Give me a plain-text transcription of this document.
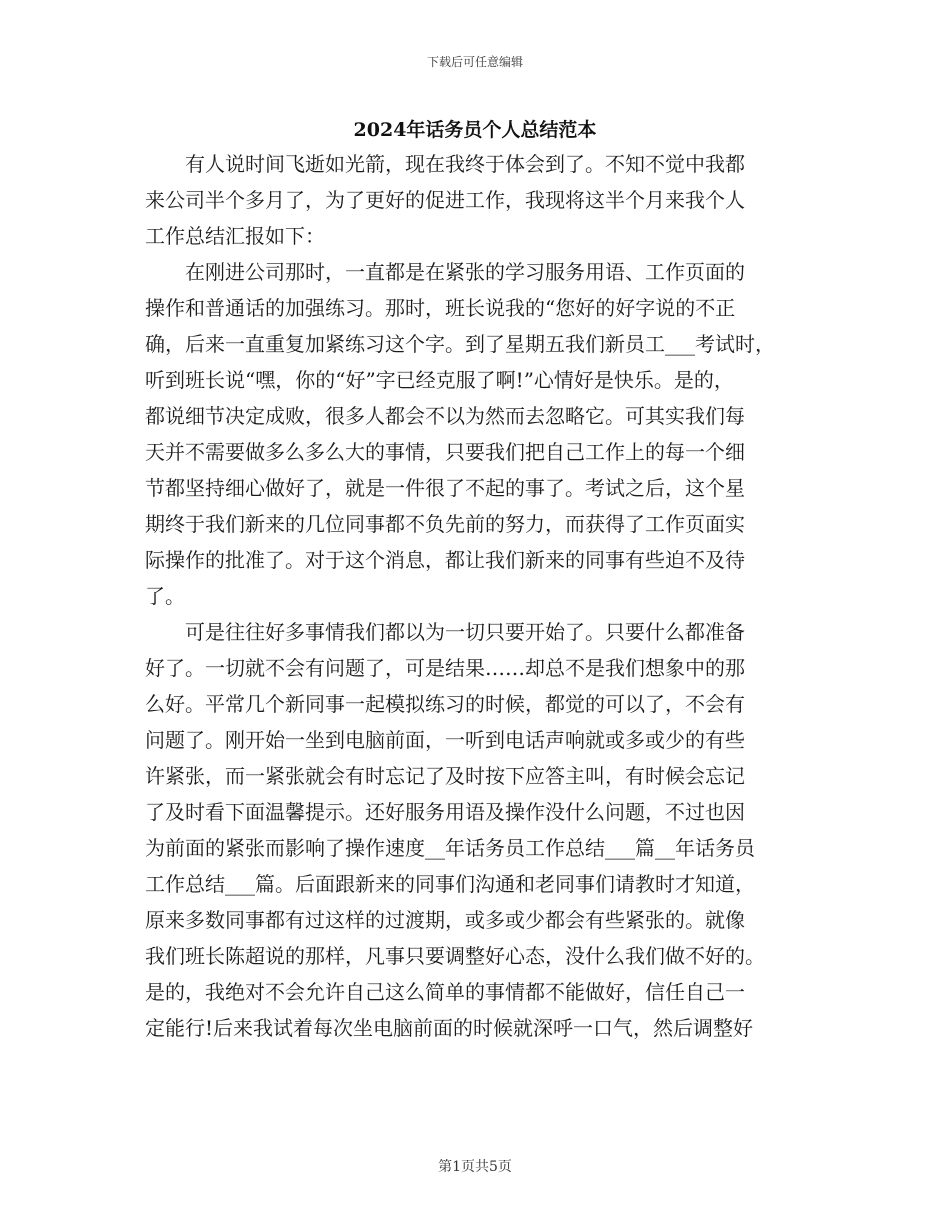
下载后可任意编辑
2024年话务员个人总结范本
有人说时间飞逝如光箭，现在我终于体会到了。不知不觉中我都
来公司半个多月了，为了更好的促进工作，我现将这半个月来我个人
工作总结汇报如下：
在刚进公司那时，一直都是在紧张的学习服务用语、工作页面的
操作和普通话的加强练习。那时，班长说我的“您好的好字说的不正
确，后来一直重复加紧练习这个字。到了星期五我们新员工___考试时，
听到班长说“嘿，你的“好”字已经克服了啊!”心情好是快乐。是的，
都说细节决定成败，很多人都会不以为然而去忽略它。可其实我们每
天并不需要做多么多么大的事情，只要我们把自己工作上的每一个细
节都坚持细心做好了，就是一件很了不起的事了。考试之后，这个星
期终于我们新来的几位同事都不负先前的努力，而获得了工作页面实
际操作的批准了。对于这个消息，都让我们新来的同事有些迫不及待
了。
可是往往好多事情我们都以为一切只要开始了。只要什么都准备
好了。一切就不会有问题了，可是结果……却总不是我们想象中的那
么好。平常几个新同事一起模拟练习的时候，都觉的可以了，不会有
问题了。刚开始一坐到电脑前面，一听到电话声响就或多或少的有些
许紧张，而一紧张就会有时忘记了及时按下应答主叫，有时候会忘记
了及时看下面温馨提示。还好服务用语及操作没什么问题，不过也因
为前面的紧张而影响了操作速度__年话务员工作总结___篇__年话务员
工作总结___篇。后面跟新来的同事们沟通和老同事们请教时才知道，
原来多数同事都有过这样的过渡期，或多或少都会有些紧张的。就像
我们班长陈超说的那样，凡事只要调整好心态，没什么我们做不好的。
是的，我绝对不会允许自己这么简单的事情都不能做好，信任自己一
定能行!后来我试着每次坐电脑前面的时候就深呼一口气，然后调整好
第1页共5页
